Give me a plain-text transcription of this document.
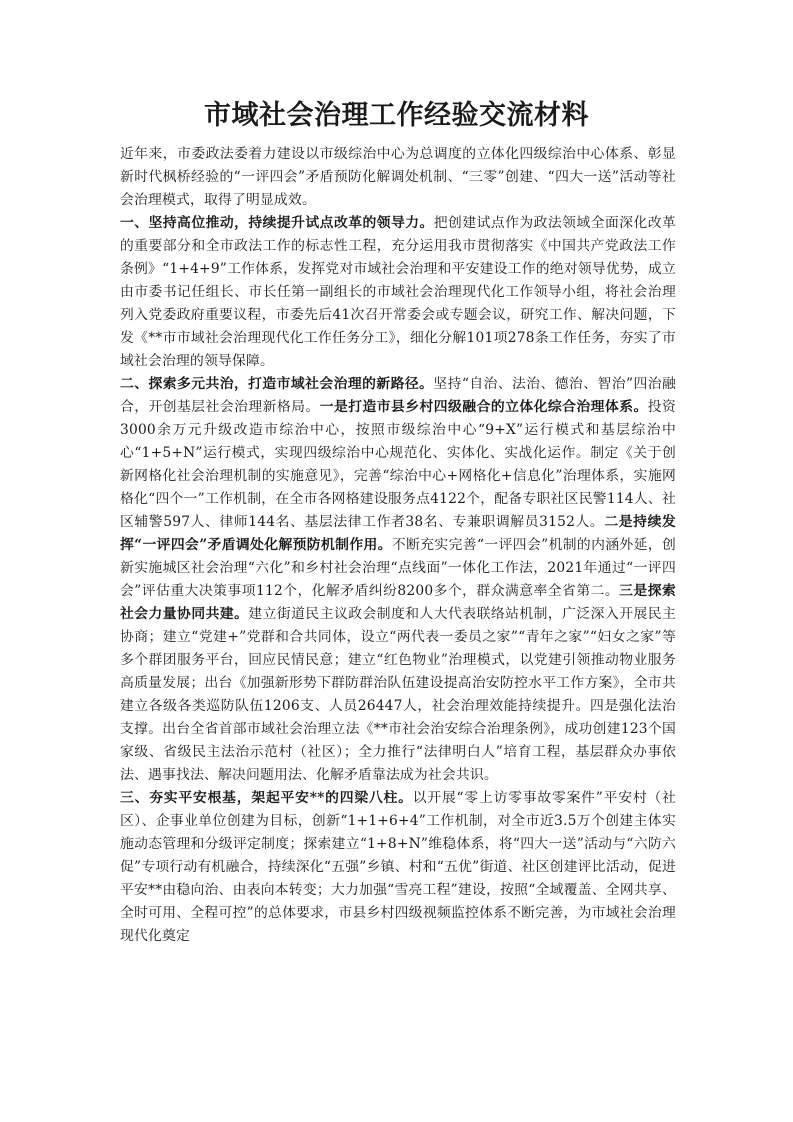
市域社会治理工作经验交流材料

近年来，市委政法委着力建设以市级综治中心为总调度的立体化四级综治中心体系、彰显新时代枫桥经验的“一评四会”矛盾预防化解调处机制、“三零”创建、“四大一送”活动等社会治理模式，取得了明显成效。

一、坚持高位推动，持续提升试点改革的领导力。把创建试点作为政法领域全面深化改革的重要部分和全市政法工作的标志性工程，充分运用我市贯彻落实《中国共产党政法工作条例》“1+4+9”工作体系，发挥党对市域社会治理和平安建设工作的绝对领导优势，成立由市委书记任组长、市长任第一副组长的市域社会治理现代化工作领导小组，将社会治理列入党委政府重要议程，市委先后41次召开常委会或专题会议，研究工作、解决问题，下发《**市市域社会治理现代化工作任务分工》，细化分解101项278条工作任务，夯实了市域社会治理的领导保障。

二、探索多元共治，打造市域社会治理的新路径。坚持“自治、法治、德治、智治”四治融合，开创基层社会治理新格局。一是打造市县乡村四级融合的立体化综合治理体系。投资3000余万元升级改造市综治中心，按照市级综治中心“9+X”运行模式和基层综治中心“1+5+N”运行模式，实现四级综治中心规范化、实体化、实战化运作。制定《关于创新网格化社会治理机制的实施意见》，完善“综治中心+网格化+信息化”治理体系，实施网格化“四个一”工作机制，在全市各网格建设服务点4122个，配备专职社区民警114人、社区辅警597人、律师144名、基层法律工作者38名、专兼职调解员3152人。二是持续发挥“一评四会”矛盾调处化解预防机制作用。不断充实完善“一评四会”机制的内涵外延，创新实施城区社会治理“六化”和乡村社会治理“点线面”一体化工作法，2021年通过“一评四会”评估重大决策事项112个，化解矛盾纠纷8200多个，群众满意率全省第二。三是探索社会力量协同共建。建立街道民主议政会制度和人大代表联络站机制，广泛深入开展民主协商；建立“党建+”党群和合共同体，设立“两代表一委员之家”“青年之家”“妇女之家”等多个群团服务平台，回应民情民意；建立“红色物业”治理模式，以党建引领推动物业服务高质量发展；出台《加强新形势下群防群治队伍建设提高治安防控水平工作方案》，全市共建立各级各类巡防队伍1206支、人员26447人，社会治理效能持续提升。四是强化法治支撑。出台全省首部市域社会治理立法《**市社会治安综合治理条例》，成功创建123个国家级、省级民主法治示范村（社区）；全力推行“法律明白人”培育工程，基层群众办事依法、遇事找法、解决问题用法、化解矛盾靠法成为社会共识。

三、夯实平安根基，架起平安**的四梁八柱。以开展“零上访零事故零案件”平安村（社区）、企事业单位创建为目标，创新“1+1+6+4”工作机制，对全市近3.5万个创建主体实施动态管理和分级评定制度；探索建立“1+8+N”维稳体系，将“四大一送”活动与“六防六促”专项行动有机融合，持续深化“五强”乡镇、村和“五优”街道、社区创建评比活动，促进平安**由稳向治、由表向本转变；大力加强“雪亮工程”建设，按照“全域覆盖、全网共享、全时可用、全程可控”的总体要求，市县乡村四级视频监控体系不断完善，为市域社会治理现代化奠定
